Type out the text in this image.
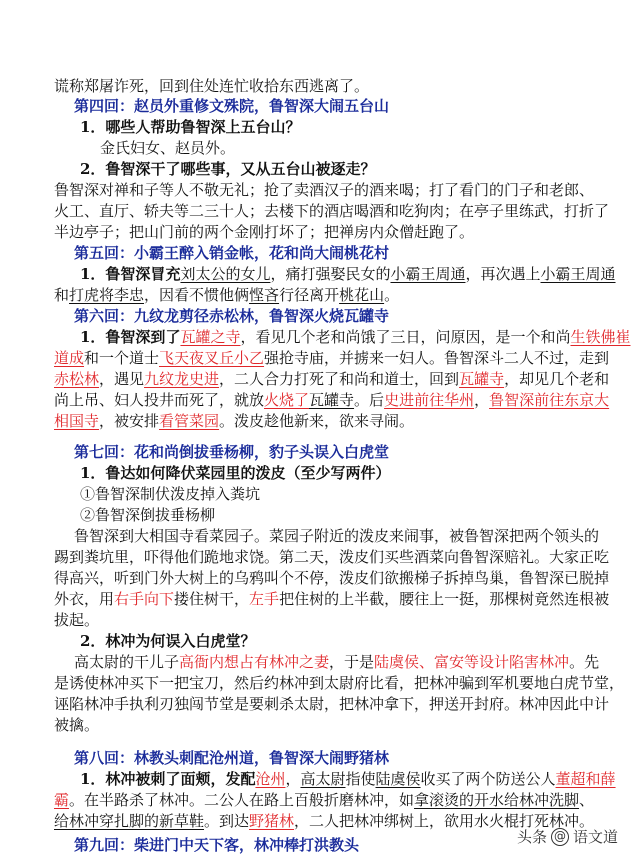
谎称郑屠诈死，回到住处连忙收拾东西逃离了。
第四回：赵员外重修文殊院，鲁智深大闹五台山
1．哪些人帮助鲁智深上五台山？
金氏妇女、赵员外。
2．鲁智深干了哪些事，又从五台山被逐走？
鲁智深对禅和子等人不敬无礼；抢了卖酒汉子的酒来喝；打了看门的门子和老郎、
火工、直厅、轿夫等二三十人；去楼下的酒店喝酒和吃狗肉；在亭子里练武，打折了
半边亭子；把山门前的两个金刚打坏了；把禅房内众僧赶跑了。
第五回：小霸王醉入销金帐，花和尚大闹桃花村
1．鲁智深冒充刘太公的女儿，痛打强娶民女的小霸王周通，再次遇上小霸王周通
和打虎将李忠，因看不惯他俩悭吝行径离开桃花山。
第六回：九纹龙剪径赤松林，鲁智深火烧瓦罐寺
1．鲁智深到了瓦罐之寺，看见几个老和尚饿了三日，问原因，是一个和尚生铁佛崔
道成和一个道士飞天夜叉丘小乙强抢寺庙，并掳来一妇人。鲁智深斗二人不过，走到
赤松林，遇见九纹龙史进，二人合力打死了和尚和道士，回到瓦罐寺，却见几个老和
尚上吊、妇人投井而死了，就放火烧了瓦罐寺。后史进前往华州，鲁智深前往东京大
相国寺，被安排看管菜园。泼皮趁他新来，欲来寻闹。
第七回：花和尚倒拔垂杨柳，豹子头误入白虎堂
1．鲁达如何降伏菜园里的泼皮（至少写两件）
①鲁智深制伏泼皮掉入粪坑
②鲁智深倒拔垂杨柳
鲁智深到大相国寺看菜园子。菜园子附近的泼皮来闹事，被鲁智深把两个领头的
踢到粪坑里，吓得他们跪地求饶。第二天，泼皮们买些酒菜向鲁智深赔礼。大家正吃
得高兴，听到门外大树上的乌鸦叫个不停，泼皮们欲搬梯子拆掉鸟巢，鲁智深已脱掉
外衣，用右手向下搂住树干，左手把住树的上半截，腰往上一挺，那棵树竟然连根被
拔起。
2．林冲为何误入白虎堂？
高太尉的干儿子高衙内想占有林冲之妻，于是陆虞侯、富安等设计陷害林冲。先
是诱使林冲买下一把宝刀，然后约林冲到太尉府比看，把林冲骗到军机要地白虎节堂，
诬陷林冲手执利刃独闯节堂是要刺杀太尉，把林冲拿下，押送开封府。林冲因此中计
被擒。
第八回：林教头刺配沧州道，鲁智深大闹野猪林
1．林冲被刺了面颊，发配沧州，高太尉指使陆虞侯收买了两个防送公人董超和薛
霸。在半路杀了林冲。二公人在路上百般折磨林冲，如拿滚烫的开水给林冲洗脚、
给林冲穿扎脚的新草鞋。到达野猪林，二人把林冲绑树上，欲用水火棍打死林冲。
第九回：柴进门中天下客，林冲棒打洪教头	头条 @ 语文道
